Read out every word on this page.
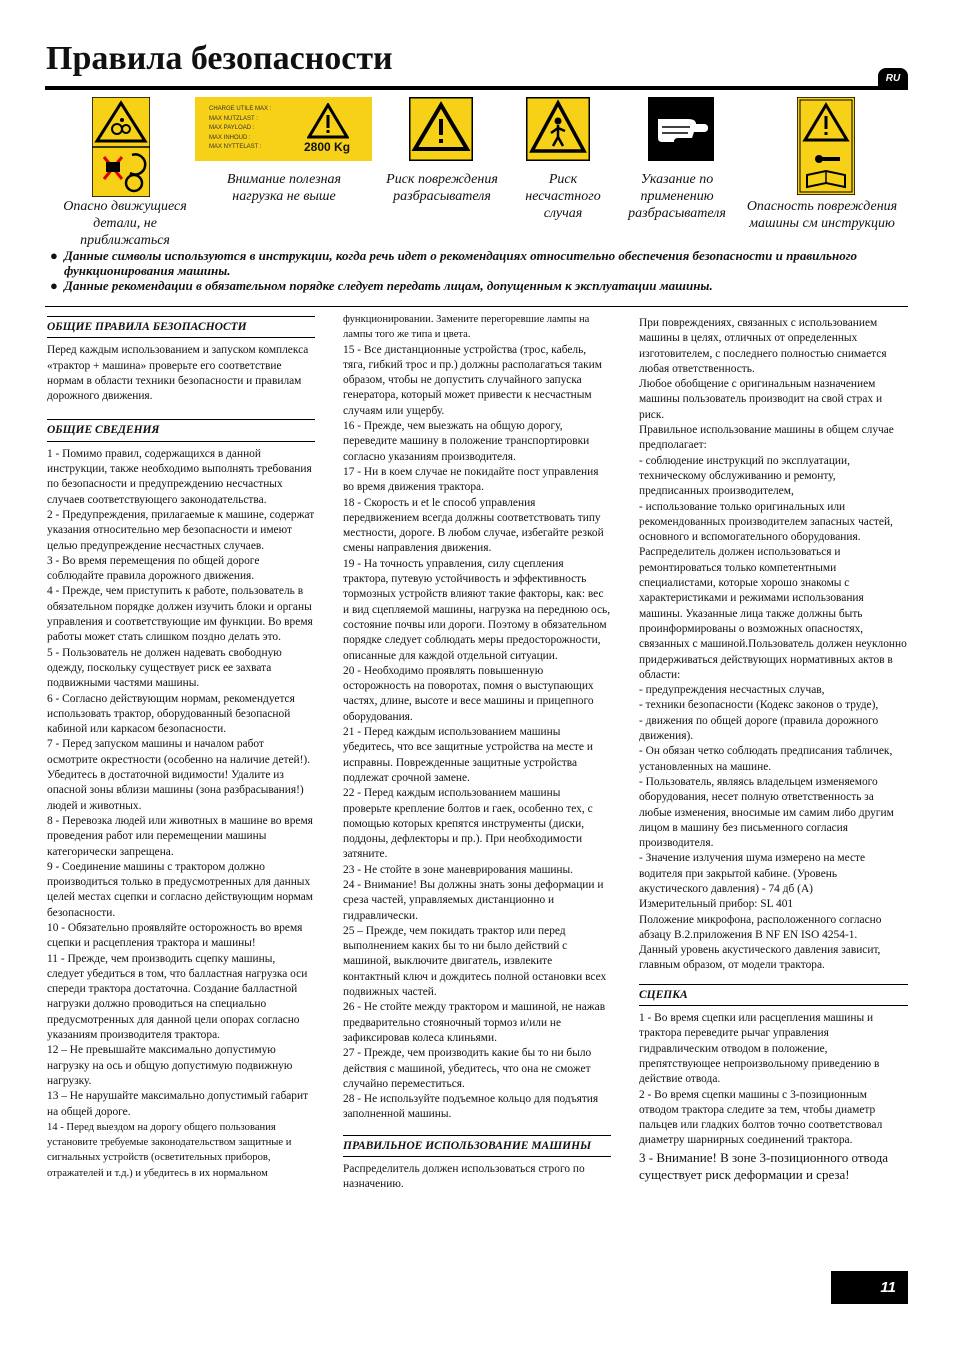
Правила безопасности
RU
Опасно движущиеся детали, не приближаться
CHARGE UTILE MAX :
MAX NUTZLAST :
MAX PAYLOAD :
MAX INHOUD :
MAX NYTTELAST :	2800 Kg
Внимание полезная нагрузка не выше
Риск повреждения разбрасывателя
Риск несчастного случая
Указание по применению разбрасывателя	Опасность повреждения машины см инструкцию
● Данные символы используются в инструкции, когда речь идет о рекомендациях относительно обеспечения безопасности и правильного функционирования машины.
● Данные рекомендации в обязательном порядке следует передать лицам, допущенным к эксплуатации машины.
ОБЩИЕ ПРАВИЛА БЕЗОПАСНОСТИ

Перед каждым использованием и запуском комплекса «трактор + машина» проверьте его соответствие нормам в области техники безопасности и правилам дорожного движения.

ОБЩИЕ СВЕДЕНИЯ

1 - Помимо правил, содержащихся в данной инструкции, также необходимо выполнять требования по безопасности и предупреждению несчастных случаев соответствующего законодательства.

2 - Предупреждения, прилагаемые к машине, содержат указания относительно мер безопасности и имеют целью предупреждение несчастных случаев.

3 - Во время перемещения по общей дороге соблюдайте правила дорожного движения.

4 - Прежде, чем приступить к работе, пользователь в обязательном порядке должен изучить блоки и органы управления и соответствующие им функции. Во время работы может стать слишком поздно делать это.

5 - Пользователь не должен надевать свободную одежду, поскольку существует риск ее захвата подвижными частями машины.

6 - Согласно действующим нормам, рекомендуется использовать трактор, оборудованный безопасной кабиной или каркасом безопасности.

7 - Перед запуском машины и началом работ осмотрите окрестности (особенно на наличие детей!).

Убедитесь в достаточной видимости! Удалите из опасной зоны вблизи машины (зона разбрасывания!) людей и животных.

8 - Перевозка людей или животных в машине во время проведения работ или перемещении машины категорически запрещена.

9 - Соединение машины с трактором должно производиться только в предусмотренных для данных целей местах сцепки и согласно действующим нормам безопасности.

10 - Обязательно проявляйте осторожность во время сцепки и расцепления трактора и машины!

11 - Прежде, чем производить сцепку машины, следует убедиться в том, что балластная нагрузка оси спереди трактора достаточна. Создание балластной нагрузки должно проводиться на специально предусмотренных для данной цели опорах согласно указаниям производителя трактора.

12 – Не превышайте максимально допустимую нагрузку на ось и общую допустимую подвижную нагрузку.

13 – Не нарушайте максимально допустимый габарит на общей дороге.

14 - Перед выездом на дорогу общего пользования установите требуемые законодательством защитные и сигнальных устройств (осветительных приборов, отражателей и т.д.) и убедитесь в их нормальном

функционировании. Замените перегоревшие лампы на лампы того же типа и цвета.

15 - Все дистанционные устройства (трос, кабель, тяга, гибкий трос и пр.) должны располагаться таким образом, чтобы не допустить случайного запуска генератора, который может привести к несчастным случаям или ущербу.

16 - Прежде, чем выезжать на общую дорогу, переведите машину в положение транспортировки согласно указаниям производителя.

17 - Ни в коем случае не покидайте пост управления во время движения трактора.

18 - Скорость и et le способ управления передвижением всегда должны соответствовать типу местности, дороге. В любом случае, избегайте резкой смены направления движения.

19 - На точность управления, силу сцепления трактора, путевую устойчивость и эффективность тормозных устройств влияют такие факторы, как: вес и вид сцепляемой машины, нагрузка на переднюю ось, состояние почвы или дороги. Поэтому в обязательном порядке следует соблюдать меры предосторожности, описанные для каждой отдельной ситуации.

20 - Необходимо проявлять повышенную осторожность на поворотах, помня о выступающих частях, длине, высоте и весе машины и прицепного оборудования.

21 - Перед каждым использованием машины убедитесь, что все защитные устройства на месте и исправны. Поврежденные защитные устройства подлежат срочной замене.

22 - Перед каждым использованием машины проверьте крепление болтов и гаек, особенно тех, с помощью которых крепятся инструменты (диски, поддоны, дефлекторы и пр.). При необходимости затяните.

23 - Не стойте в зоне маневрирования машины.

24 - Внимание! Вы должны знать зоны деформации и среза частей, управляемых дистанционно и гидравлически.

25 – Прежде, чем покидать трактор или перед выполнением каких бы то ни было действий с машиной, выключите двигатель, извлеките контактный ключ и дождитесь полной остановки всех подвижных частей.

26 - Не стойте между трактором и машиной, не нажав предварительно стояночный тормоз и/или не зафиксировав колеса клиньями.

27 - Прежде, чем производить какие бы то ни было действия с машиной, убедитесь, что она не сможет случайно переместиться.

28 - Не используйте подъемное кольцо для подъятия заполненной машины.

ПРАВИЛЬНОЕ ИСПОЛЬЗОВАНИЕ МАШИНЫ

Распределитель должен использоваться строго по назначению.

При повреждениях, связанных с использованием машины в целях, отличных от определенных изготовителем, с последнего полностью снимается любая ответственность.

Любое обобщение с оригинальным назначением машины пользователь производит на свой страх и риск.

Правильное использование машины в общем случае предполагает:

- соблюдение инструкций по эксплуатации, техническому обслуживанию и ремонту, предписанных производителем,

- использование только оригинальных или рекомендованных производителем запасных частей, основного и вспомогательного оборудования.

Распределитель должен использоваться и ремонтироваться только компетентными специалистами, которые хорошо знакомы с характеристиками и режимами использования машины. Указанные лица также должны быть проинформированы о возможных опасностях, связанных с машиной.Пользователь должен неуклонно придерживаться действующих нормативных актов в области:

- предупреждения несчастных случав,

- техники безопасности (Кодекс законов о труде),

- движения по общей дороге (правила дорожного движения).

- Он обязан четко соблюдать предписания табличек, установленных на машине.

- Пользователь, являясь владельцем изменяемого оборудования, несет полную ответственность за любые изменения, вносимые им самим либо другим лицом в машину без письменного согласия производителя.

- Значение излучения шума измерено на месте водителя при закрытой кабине. (Уровень акустического давления) - 74 дб (А)

Измерительный прибор: SL 401

Положение микрофона, расположенного согласно абзацу B.2.приложения B NF EN ISO 4254-1.

Данный уровень акустического давления зависит, главным образом, от модели трактора.

СЦЕПКА

1 - Во время сцепки или расцепления машины и трактора переведите рычаг управления гидравлическим отводом в положение, препятствующее непроизвольному приведению в действие отвода.

2 - Во время сцепки машины с 3-позиционным отводом трактора следите за тем, чтобы диаметр пальцев или гладких болтов точно соответствовал диаметру шарнирных соединений трактора.

3 - Внимание! В зоне 3-позиционного отвода существует риск деформации и среза!

11
